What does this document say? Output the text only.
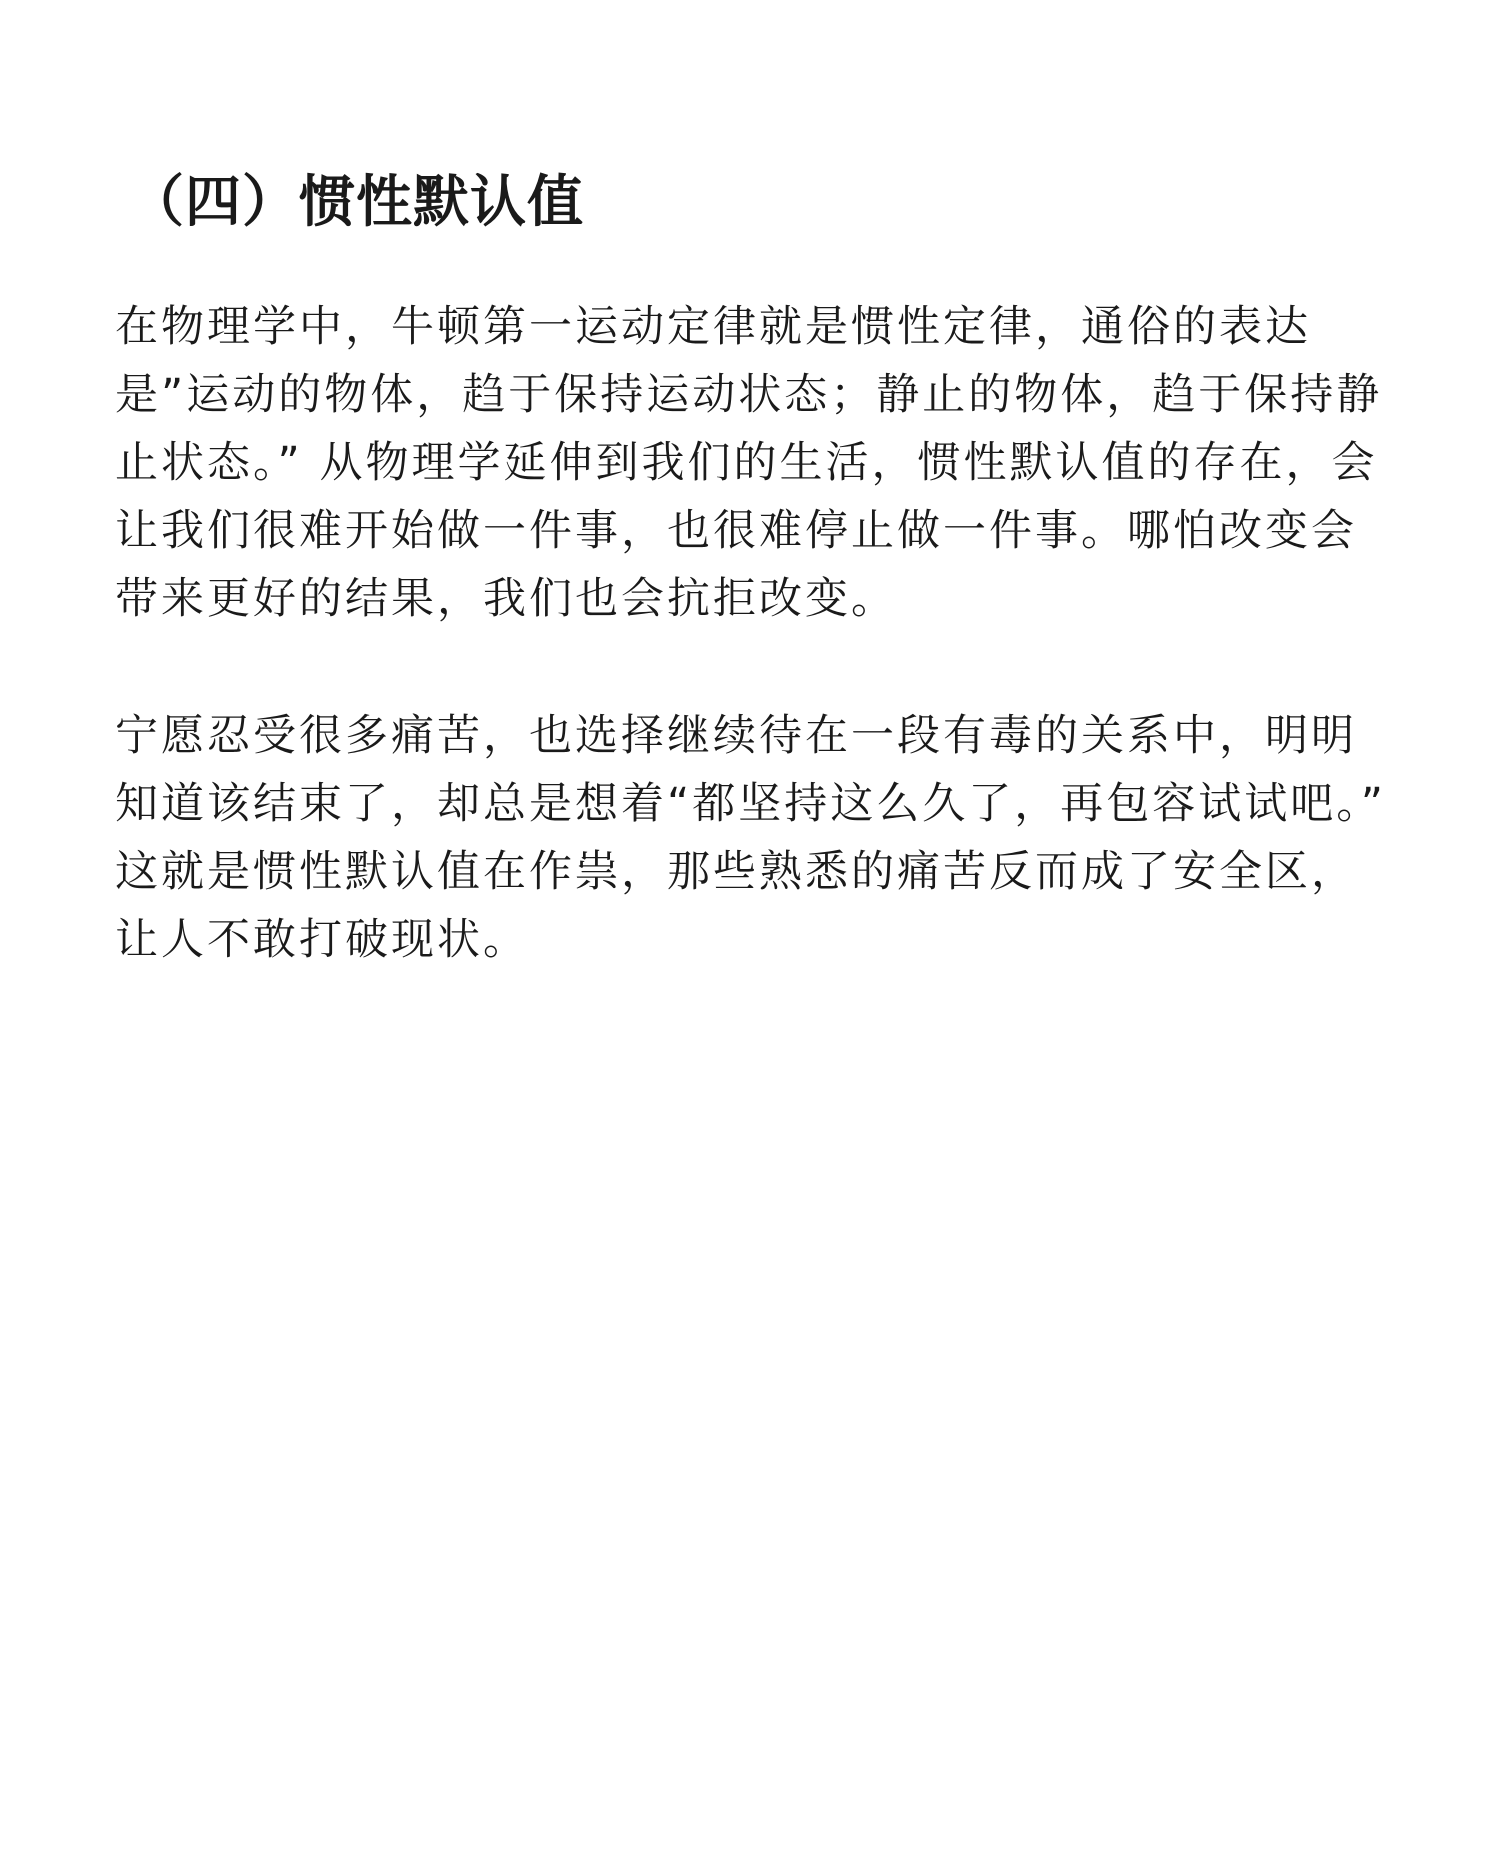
（四）惯性默认值

在物理学中，牛顿第一运动定律就是惯性定律，通俗的表达是”运动的物体，趋于保持运动状态；静止的物体，趋于保持静止状态。” 从物理学延伸到我们的生活，惯性默认值的存在，会让我们很难开始做一件事，也很难停止做一件事。哪怕改变会带来更好的结果，我们也会抗拒改变。

宁愿忍受很多痛苦，也选择继续待在一段有毒的关系中，明明知道该结束了，却总是想着“都坚持这么久了，再包容试试吧。” 这就是惯性默认值在作祟，那些熟悉的痛苦反而成了安全区，让人不敢打破现状。
